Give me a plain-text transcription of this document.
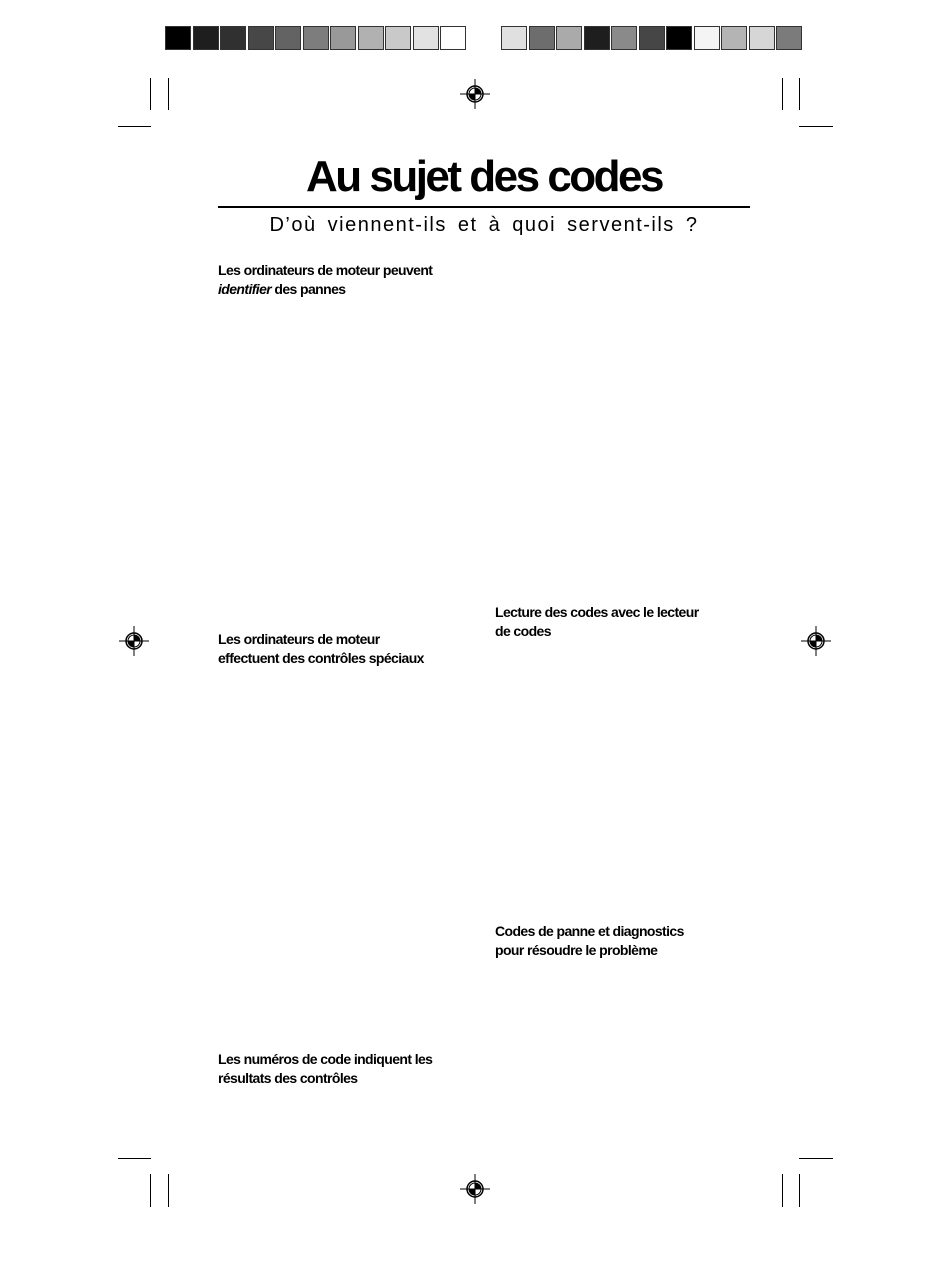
Au sujet des codes
D’où viennent-ils et à quoi servent-ils ?
Les ordinateurs de moteur peuvent
identifier des pannes
Les ordinateurs de moteur
effectuent des contrôles spéciaux
Les numéros de code indiquent les
résultats des contrôles
Lecture des codes avec le lecteur
de codes
Codes de panne et diagnostics
pour résoudre le problème
